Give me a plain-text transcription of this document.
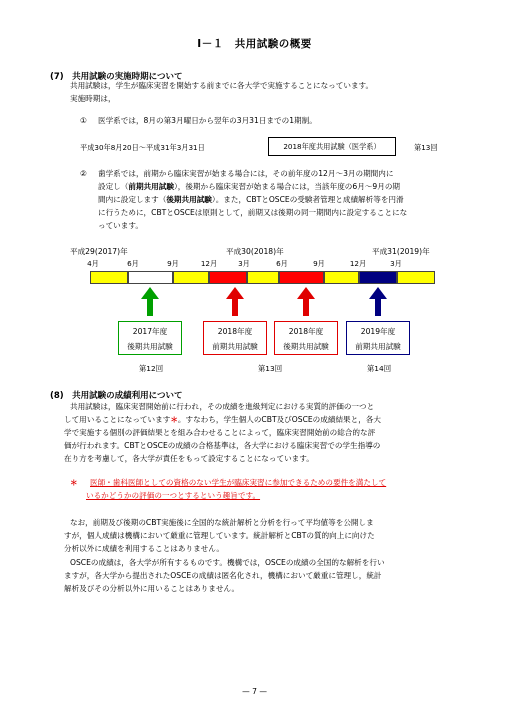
Ⅰ－１　共用試験の概要
(7)　共用試験の実施時期について
共用試験は，学生が臨床実習を開始する前までに各大学で実施することになっています。
実施時期は，
① 医学系では，8月の第3月曜日から翌年の3月31日までの1期制。
平成30年8月20日～平成31年3月31日	2018年度共用試験（医学系）	第13回
② 歯学系では，前期から臨床実習が始まる場合には，その前年度の12月～3月の期間内に
設定し（前期共用試験），後期から臨床実習が始まる場合には，当該年度の6月～9月の期
間内に設定します（後期共用試験）。また，CBTとOSCEの受験者管理と成績解析等を円滑
に行うために，CBTとOSCEは原則として，前期又は後期の同一期間内に設定することにな
っています。
平成29(2017)年	平成30(2018)年	平成31(2019)年
4月	6月	9月	12月	3月	6月	9月	12月	3月
2017年度
後期共用試験
2018年度
前期共用試験
2018年度
後期共用試験
2019年度
前期共用試験
第12回	第13回	第14回
(8)　共用試験の成績利用について
共用試験は，臨床実習開始前に行われ，その成績を進級判定における実質的評価の一つと
して用いることになっています＊。すなわち，学生個人のCBT及びOSCEの成績結果と，各大
学で実施する個別の評価結果とを組み合わせることによって，臨床実習開始前の総合的な評
価が行われます。CBTとOSCEの成績の合格基準は，各大学における臨床実習での学生指導の
在り方を考慮して，各大学が責任をもって設定することになっています。
＊ 医師・歯科医師としての資格のない学生が臨床実習に参加できるための要件を満たして
いるかどうかの評価の一つとするという趣旨です。
なお，前期及び後期のCBT実施後に全国的な統計解析と分析を行って平均値等を公開しま
すが，個人成績は機構において厳重に管理しています。統計解析とCBTの質的向上に向けた
分析以外に成績を利用することはありません。
OSCEの成績は，各大学が所有するものです。機構では，OSCEの成績の全国的な解析を行い
ますが，各大学から提出されたOSCEの成績は匿名化され，機構において厳重に管理し，統計
解析及びその分析以外に用いることはありません。
— 7 —
